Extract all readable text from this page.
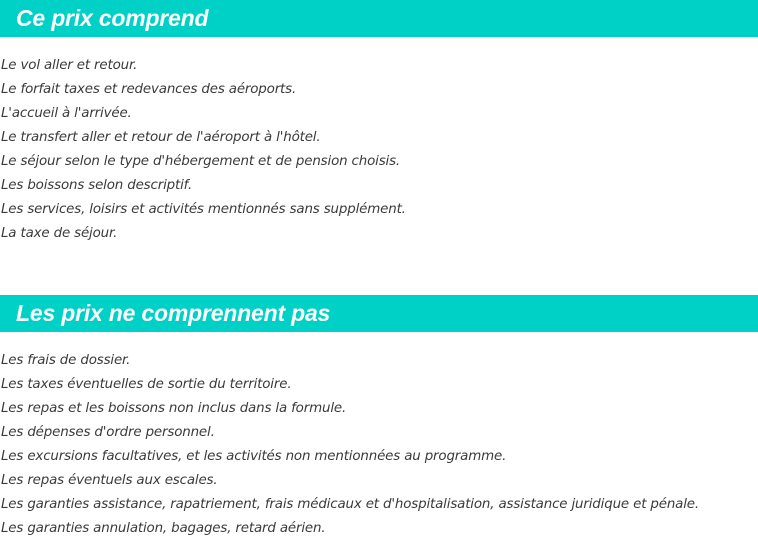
Ce prix comprend
Le vol aller et retour.
Le forfait taxes et redevances des aéroports.
L'accueil à l'arrivée.
Le transfert aller et retour de l'aéroport à l'hôtel.
Le séjour selon le type d'hébergement et de pension choisis.
Les boissons selon descriptif.
Les services, loisirs et activités mentionnés sans supplément.
La taxe de séjour.
Les prix ne comprennent pas
Les frais de dossier.
Les taxes éventuelles de sortie du territoire.
Les repas et les boissons non inclus dans la formule.
Les dépenses d'ordre personnel.
Les excursions facultatives, et les activités non mentionnées au programme.
Les repas éventuels aux escales.
Les garanties assistance, rapatriement, frais médicaux et d'hospitalisation, assistance juridique et pénale.
Les garanties annulation, bagages, retard aérien.
